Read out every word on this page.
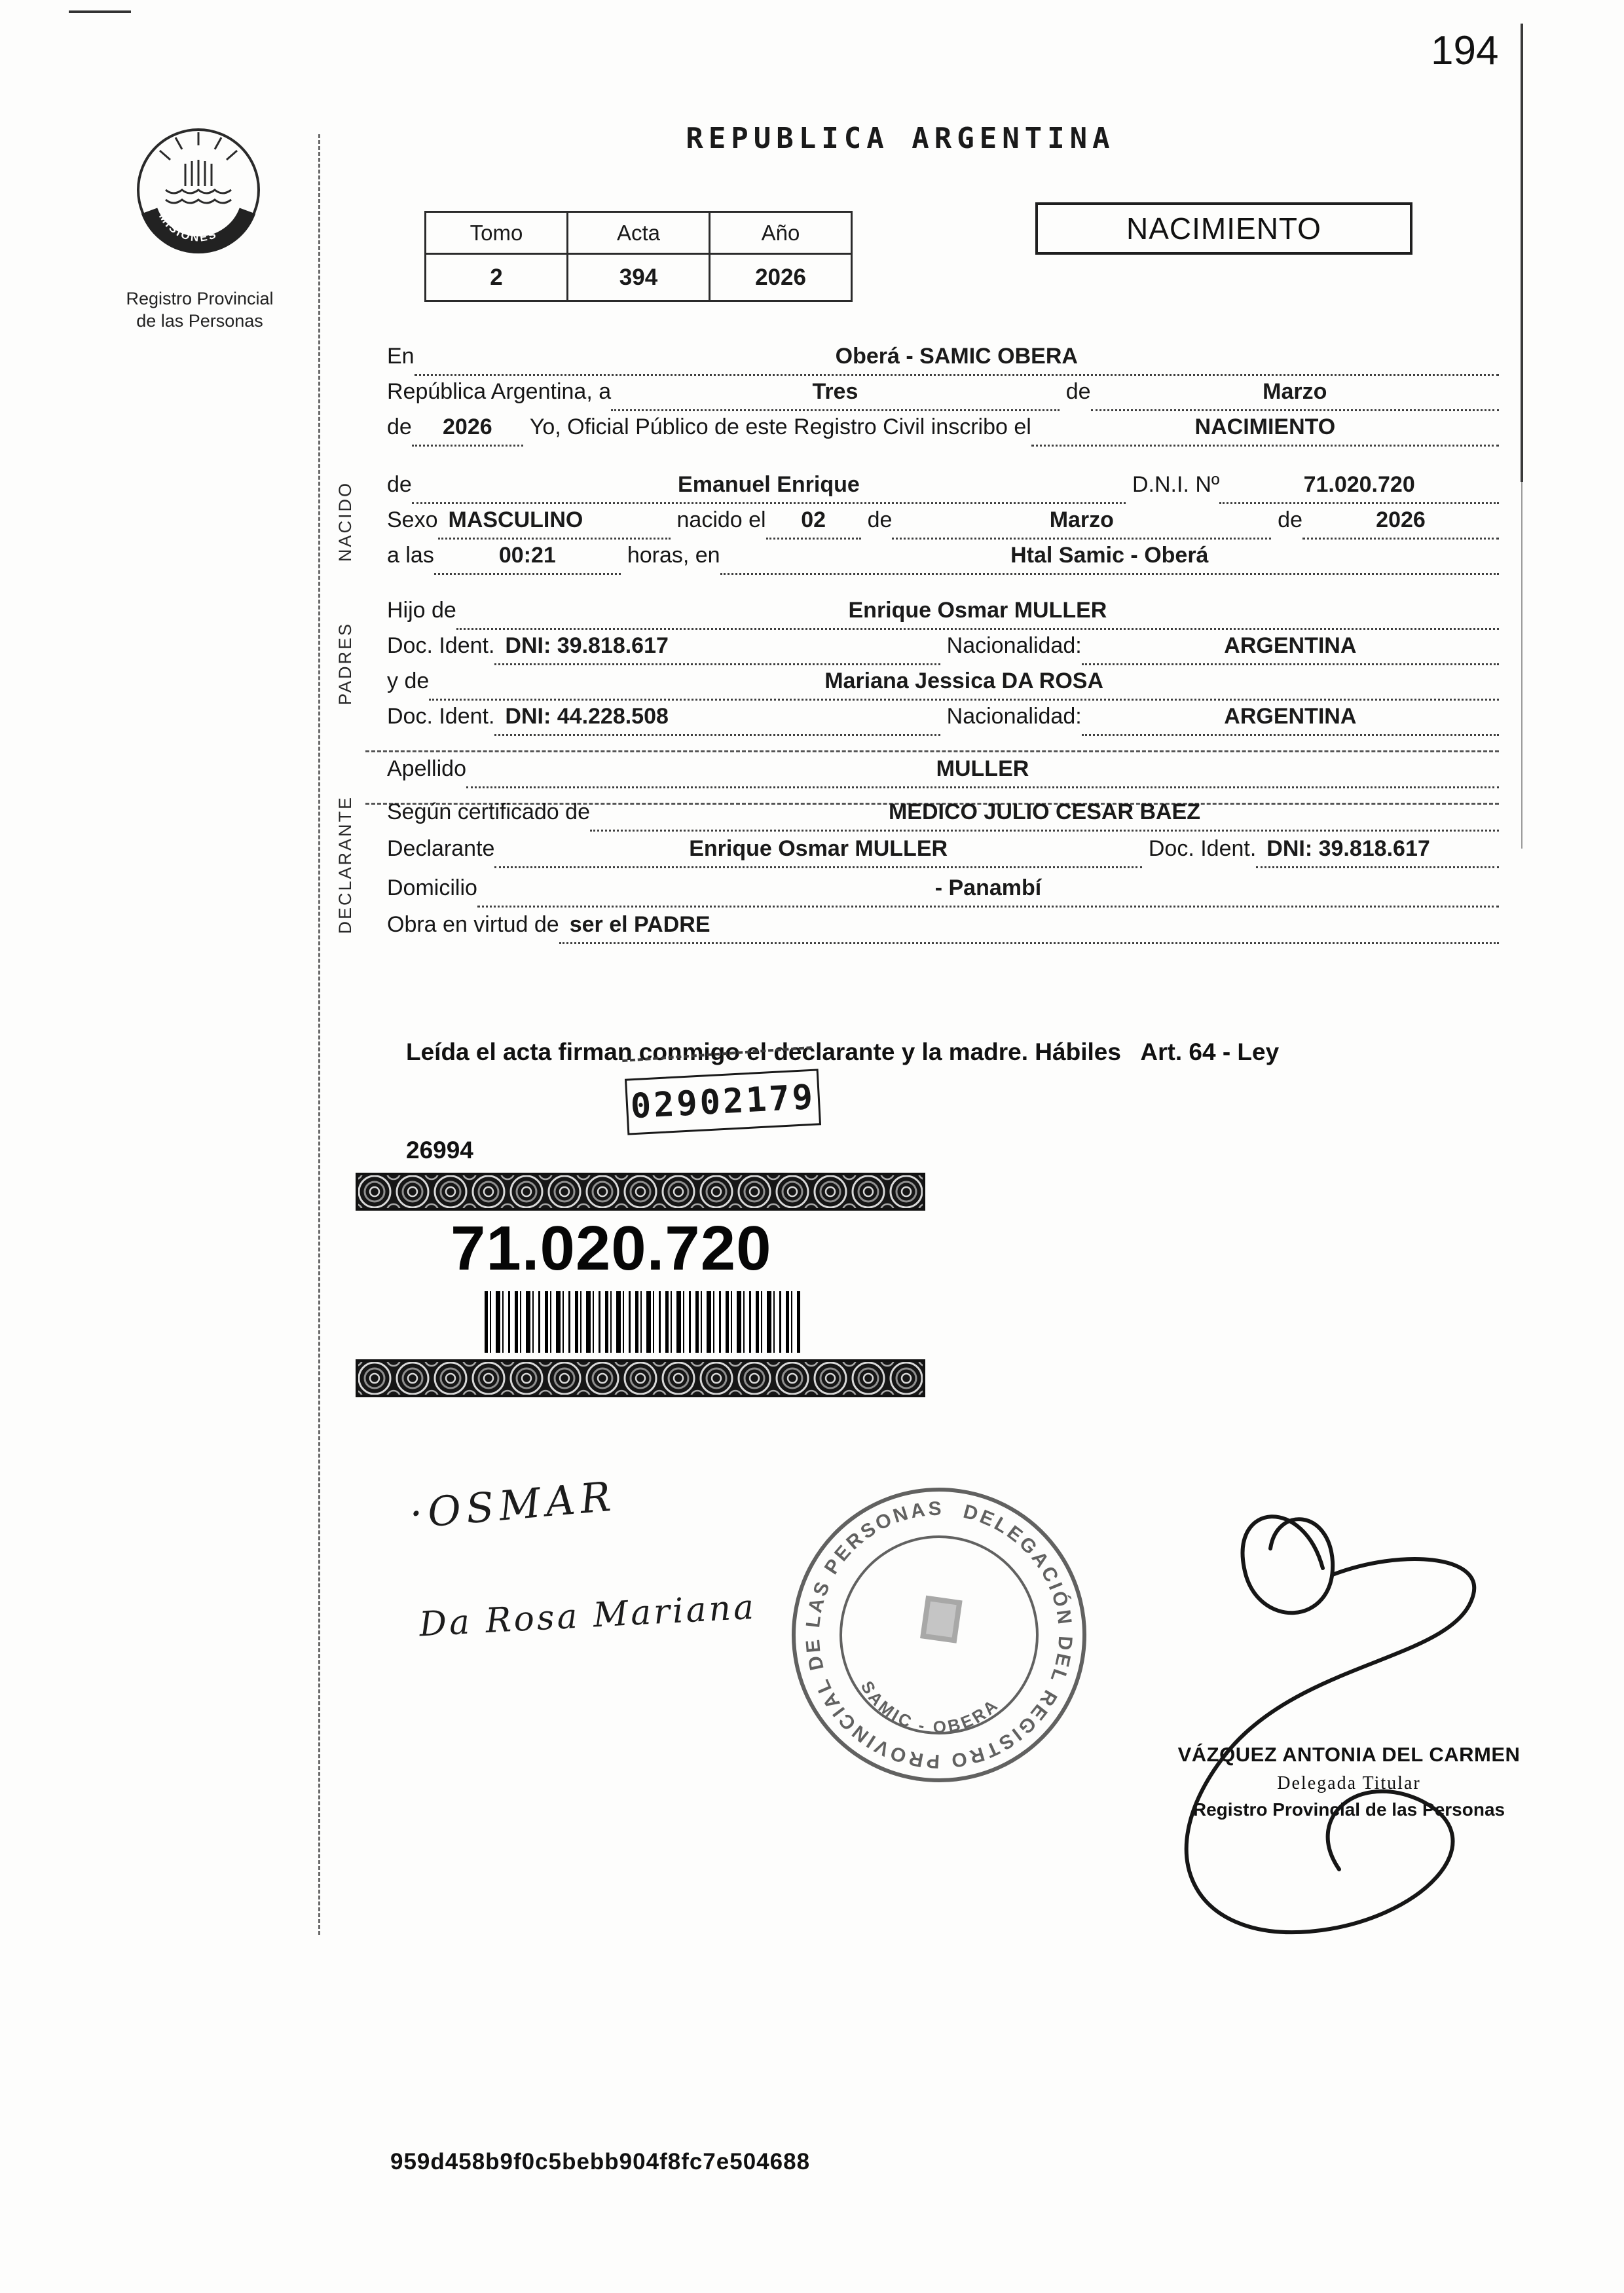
194
MISIONES
Registro Provincial
de las Personas
REPUBLICA ARGENTINA
Tomo	Acta	Año
2	394	2026
NACIMIENTO
NACIDO
PADRES
DECLARANTE
En	Oberá - SAMIC OBERA
República Argentina, a	Tres	de	Marzo
de	2026	Yo, Oficial Público de este Registro Civil inscribo el	NACIMIENTO
de	Emanuel Enrique	D.N.I. Nº	71.020.720
Sexo MASCULINO	nacido el	02	de	Marzo	de	2026
a las	00:21	horas, en	Htal Samic - Oberá
Hijo de	Enrique Osmar MULLER
Doc. Ident. DNI: 39.818.617	Nacionalidad:	ARGENTINA
y de	Mariana Jessica DA ROSA
Doc. Ident. DNI: 44.228.508	Nacionalidad:	ARGENTINA
Apellido	MULLER
Según certificado de	MEDICO JULIO CESAR BAEZ
Declarante	Enrique Osmar MULLER	Doc. Ident. DNI: 39.818.617
Domicilio	- Panambí
Obra en virtud de ser el PADRE

Leída el acta firman conmigo el declarante y la madre. Hábiles   Art. 64 - Ley

26994

02902179
71.020.720
·OSMAR
Da Rosa Mariana
DELEGACIÓN DEL REGISTRO PROVINCIAL DE LAS PERSONAS
SAMIC - OBERA
VÁZQUEZ ANTONIA DEL CARMEN
Delegada Titular
Registro Provincial de las Personas
959d458b9f0c5bebb904f8fc7e504688
